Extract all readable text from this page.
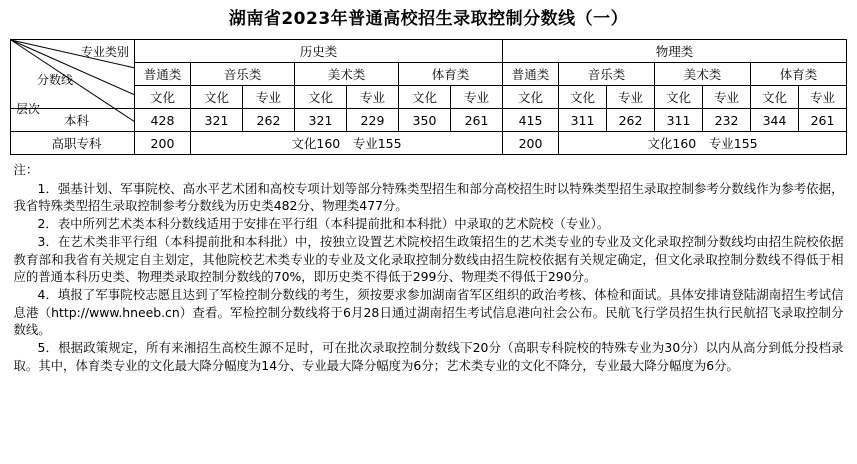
湖南省2023年普通高校招生录取控制分数线（一）
专业类别
分数线
层次	历史类							物理类						
	普通类	音乐类		美术类		体育类		普通类	音乐类		美术类		体育类	
	文化	文化	专业	文化	专业	文化	专业	文化	文化	专业	文化	专业	文化	专业
本科	428	321	262	321	229	350	261	415	311	262	311	232	344	261
高职专科	200	文化160　专业155						200	文化160　专业155					

注：

1．强基计划、军事院校、高水平艺术团和高校专项计划等部分特殊类型招生和部分高校招生时以特殊类型招生录取控制参考分数线作为参考依据，我省特殊类型招生录取控制参考分数线为历史类482分、物理类477分。

2．表中所列艺术类本科分数线适用于安排在平行组（本科提前批和本科批）中录取的艺术院校（专业）。

3．在艺术类非平行组（本科提前批和本科批）中，按独立设置艺术院校招生政策招生的艺术类专业的专业及文化录取控制分数线均由招生院校依据教育部和我省有关规定自主划定，其他院校艺术类专业的专业及文化录取控制分数线由招生院校依据有关规定确定，但文化录取控制分数线不得低于相应的普通本科历史类、物理类录取控制分数线的70%，即历史类不得低于299分、物理类不得低于290分。

4．填报了军事院校志愿且达到了军检控制分数线的考生，须按要求参加湖南省军区组织的政治考核、体检和面试。具体安排请登陆湖南招生考试信息港（http://www.hneeb.cn）查看。军检控制分数线将于6月28日通过湖南招生考试信息港向社会公布。民航飞行学员招生执行民航招飞录取控制分数线。

5．根据政策规定，所有来湘招生高校生源不足时，可在批次录取控制分数线下20分（高职专科院校的特殊专业为30分）以内从高分到低分投档录取。其中，体育类专业的文化最大降分幅度为14分、专业最大降分幅度为6分；艺术类专业的文化不降分，专业最大降分幅度为6分。
